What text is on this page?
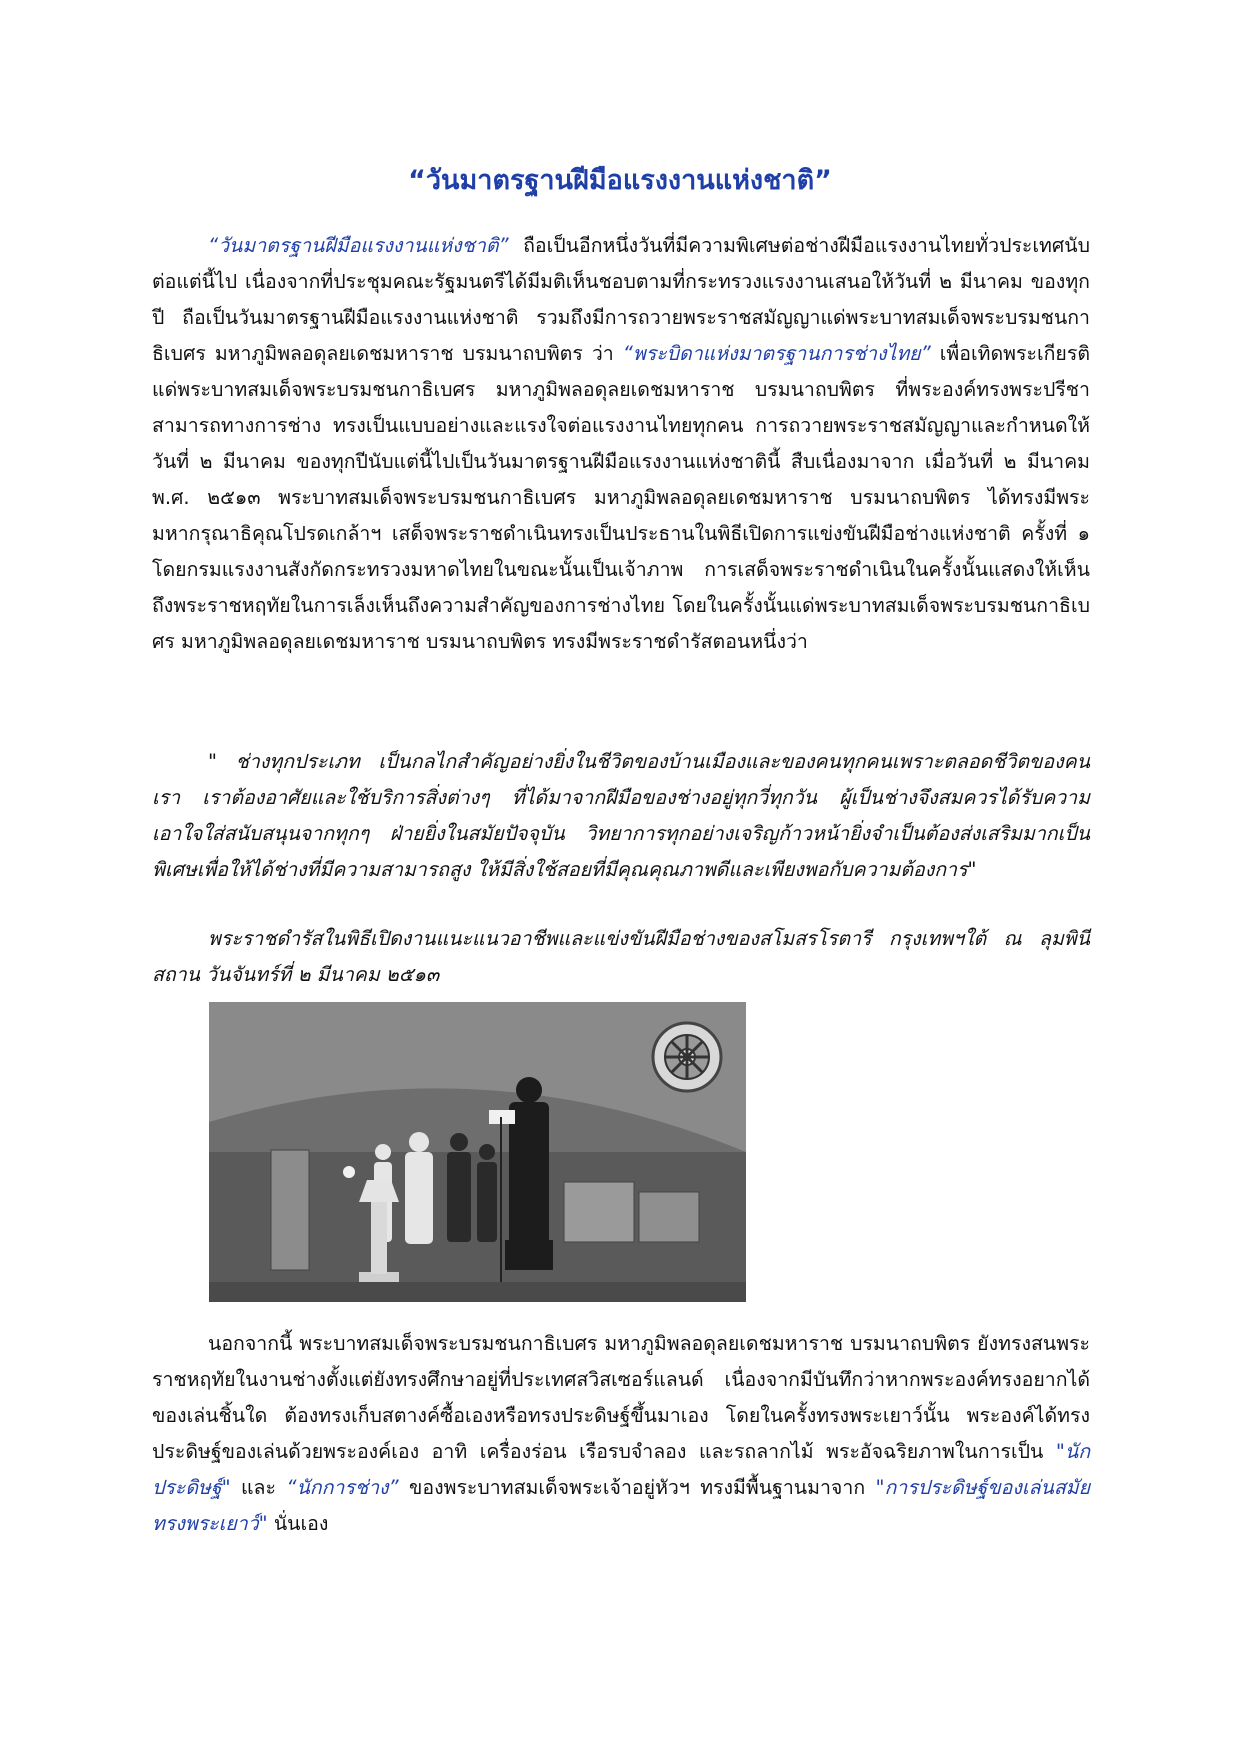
“วันมาตรฐานฝีมือแรงงานแห่งชาติ”

“วันมาตรฐานฝีมือแรงงานแห่งชาติ” ถือเป็นอีกหนึ่งวันที่มีความพิเศษต่อช่างฝีมือแรงงานไทยทั่วประเทศนับต่อแต่นี้ไป เนื่องจากที่ประชุมคณะรัฐมนตรีได้มีมติเห็นชอบตามที่กระทรวงแรงงานเสนอให้วันที่ ๒ มีนาคม ของทุกปี ถือเป็นวันมาตรฐานฝีมือแรงงานแห่งชาติ รวมถึงมีการถวายพระราชสมัญญาแด่พระบาทสมเด็จพระบรมชนกาธิเบศร มหาภูมิพลอดุลยเดชมหาราช บรมนาถบพิตร ว่า “พระบิดาแห่งมาตรฐานการช่างไทย” เพื่อเทิดพระเกียรติแด่พระบาทสมเด็จพระบรมชนกาธิเบศร มหาภูมิพลอดุลยเดชมหาราช บรมนาถบพิตร ที่พระองค์ทรงพระปรีชาสามารถทางการช่าง ทรงเป็นแบบอย่างและแรงใจต่อแรงงานไทยทุกคน การถวายพระราชสมัญญาและกำหนดให้วันที่ ๒ มีนาคม ของทุกปีนับแต่นี้ไปเป็นวันมาตรฐานฝีมือแรงงานแห่งชาตินี้ สืบเนื่องมาจาก เมื่อวันที่ ๒ มีนาคม พ.ศ. ๒๕๑๓ พระบาทสมเด็จพระบรมชนกาธิเบศร มหาภูมิพลอดุลยเดชมหาราช บรมนาถบพิตร ได้ทรงมีพระมหากรุณาธิคุณโปรดเกล้าฯ เสด็จพระราชดำเนินทรงเป็นประธานในพิธีเปิดการแข่งขันฝีมือช่างแห่งชาติ ครั้งที่ ๑ โดยกรมแรงงานสังกัดกระทรวงมหาดไทยในขณะนั้นเป็นเจ้าภาพ การเสด็จพระราชดำเนินในครั้งนั้นแสดงให้เห็นถึงพระราชหฤทัยในการเล็งเห็นถึงความสำคัญของการช่างไทย โดยในครั้งนั้นแด่พระบาทสมเด็จพระบรมชนกาธิเบศร มหาภูมิพลอดุลยเดชมหาราช บรมนาถบพิตร ทรงมีพระราชดำรัสตอนหนึ่งว่า

" ช่างทุกประเภท เป็นกลไกสำคัญอย่างยิ่งในชีวิตของบ้านเมืองและของคนทุกคนเพราะตลอดชีวิตของคนเรา เราต้องอาศัยและใช้บริการสิ่งต่างๆ ที่ได้มาจากฝีมือของช่างอยู่ทุกวี่ทุกวัน ผู้เป็นช่างจึงสมควรได้รับความเอาใจใส่สนับสนุนจากทุกๆ ฝ่ายยิ่งในสมัยปัจจุบัน วิทยาการทุกอย่างเจริญก้าวหน้ายิ่งจำเป็นต้องส่งเสริมมากเป็นพิเศษเพื่อให้ได้ช่างที่มีความสามารถสูง ให้มีสิ่งใช้สอยที่มีคุณคุณภาพดีและเพียงพอกับความต้องการ"

พระราชดำรัสในพิธีเปิดงานแนะแนวอาชีพและแข่งขันฝีมือช่างของสโมสรโรตารี กรุงเทพฯใต้ ณ ลุมพินีสถาน วันจันทร์ที่ ๒ มีนาคม ๒๕๑๓

นอกจากนี้ พระบาทสมเด็จพระบรมชนกาธิเบศร มหาภูมิพลอดุลยเดชมหาราช บรมนาถบพิตร ยังทรงสนพระราชหฤทัยในงานช่างตั้งแต่ยังทรงศึกษาอยู่ที่ประเทศสวิสเซอร์แลนด์ เนื่องจากมีบันทึกว่าหากพระองค์ทรงอยากได้ของเล่นชิ้นใด ต้องทรงเก็บสตางค์ซื้อเองหรือทรงประดิษฐ์ขึ้นมาเอง โดยในครั้งทรงพระเยาว์นั้น พระองค์ได้ทรงประดิษฐ์ของเล่นด้วยพระองค์เอง อาทิ เครื่องร่อน เรือรบจำลอง และรถลากไม้ พระอัจฉริยภาพในการเป็น "นักประดิษฐ์" และ “นักการช่าง” ของพระบาทสมเด็จพระเจ้าอยู่หัวฯ ทรงมีพื้นฐานมาจาก "การประดิษฐ์ของเล่นสมัยทรงพระเยาว์" นั่นเอง
